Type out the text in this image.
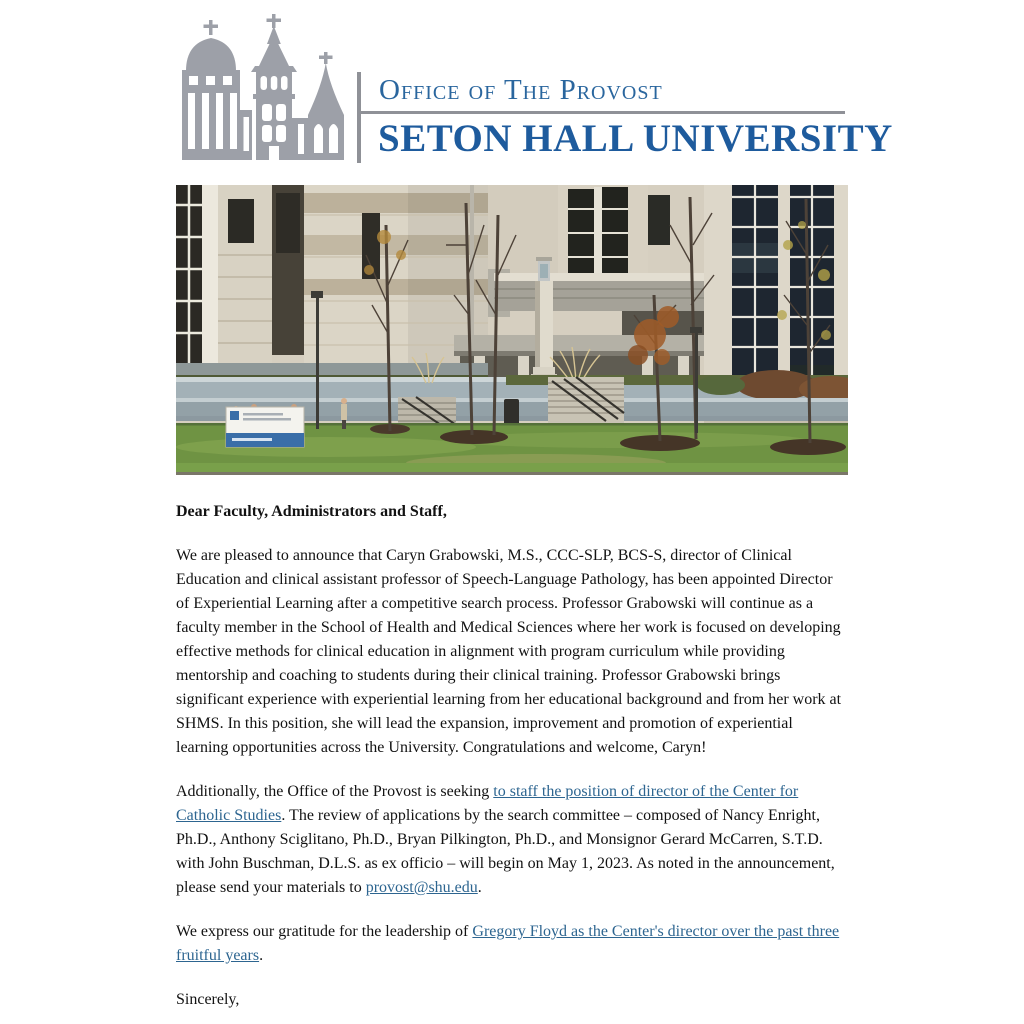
Office of The Provost
SETON HALL UNIVERSITY

Dear Faculty, Administrators and Staff,

We are pleased to announce that Caryn Grabowski, M.S., CCC-SLP, BCS-S, director of Clinical Education and clinical assistant professor of Speech-Language Pathology, has been appointed Director of Experiential Learning after a competitive search process. Professor Grabowski will continue as a faculty member in the School of Health and Medical Sciences where her work is focused on developing effective methods for clinical education in alignment with program curriculum while providing mentorship and coaching to students during their clinical training. Professor Grabowski brings significant experience with experiential learning from her educational background and from her work at SHMS. In this position, she will lead the expansion, improvement and promotion of experiential learning opportunities across the University. Congratulations and welcome, Caryn!

Additionally, the Office of the Provost is seeking to staff the position of director of the Center for Catholic Studies. The review of applications by the search committee – composed of Nancy Enright, Ph.D., Anthony Sciglitano, Ph.D., Bryan Pilkington, Ph.D., and Monsignor Gerard McCarren, S.T.D. with John Buschman, D.L.S. as ex officio – will begin on May 1, 2023. As noted in the announcement, please send your materials to provost@shu.edu.

We express our gratitude for the leadership of Gregory Floyd as the Center's director over the past three fruitful years.

Sincerely,
